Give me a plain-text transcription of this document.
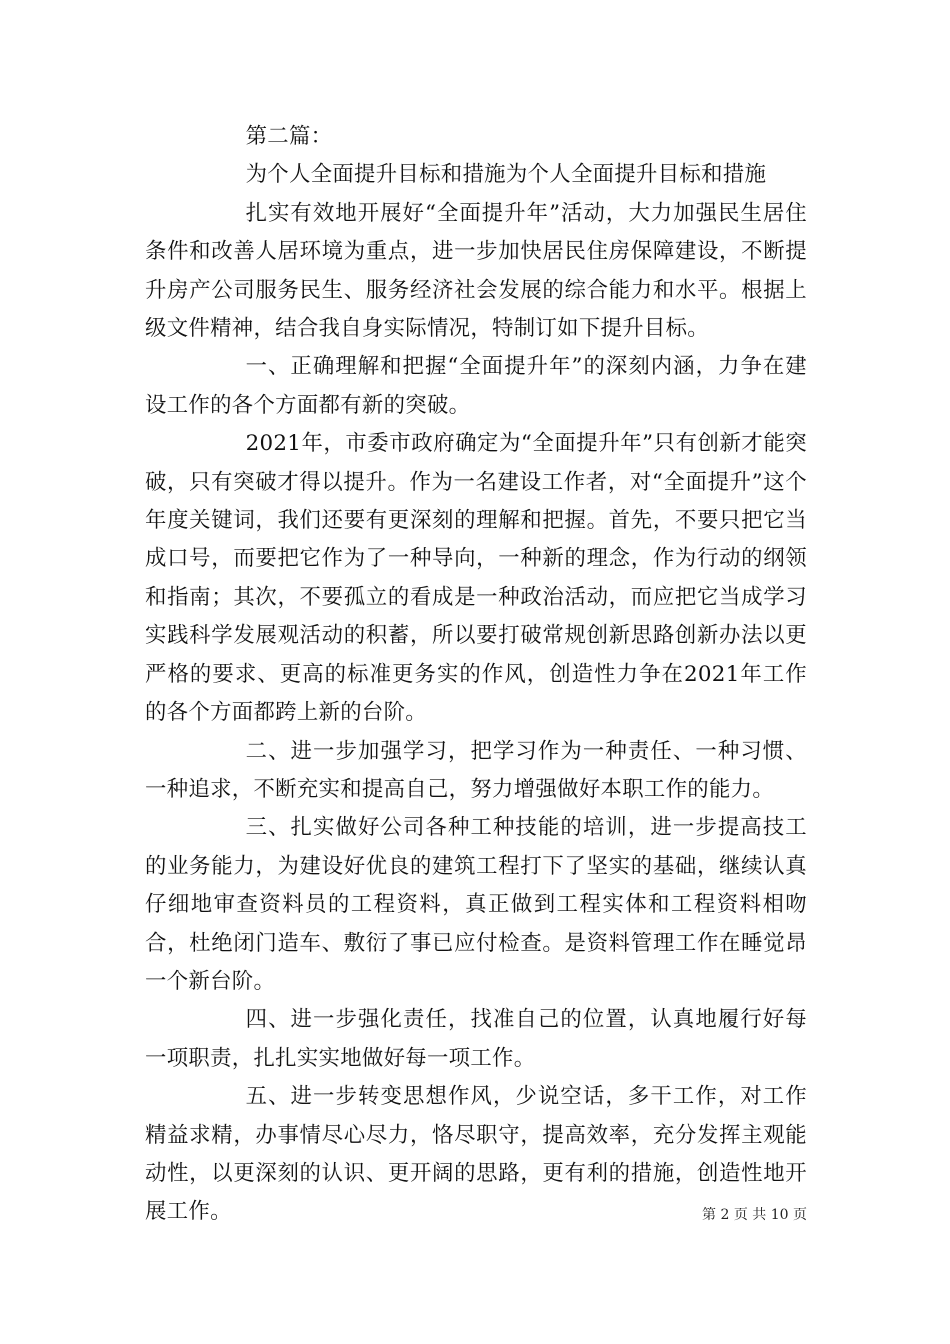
第二篇：

为个人全面提升目标和措施为个人全面提升目标和措施

扎实有效地开展好“全面提升年”活动，大力加强民生居住条件和改善人居环境为重点，进一步加快居民住房保障建设，不断提升房产公司服务民生、服务经济社会发展的综合能力和水平。根据上级文件精神，结合我自身实际情况，特制订如下提升目标。

一、正确理解和把握“全面提升年”的深刻内涵，力争在建设工作的各个方面都有新的突破。

2021年，市委市政府确定为“全面提升年”只有创新才能突破，只有突破才得以提升。作为一名建设工作者，对“全面提升”这个年度关键词，我们还要有更深刻的理解和把握。首先，不要只把它当成口号，而要把它作为了一种导向，一种新的理念，作为行动的纲领和指南；其次，不要孤立的看成是一种政治活动，而应把它当成学习实践科学发展观活动的积蓄，所以要打破常规创新思路创新办法以更严格的要求、更高的标准更务实的作风，创造性力争在2021年工作的各个方面都跨上新的台阶。

二、进一步加强学习，把学习作为一种责任、一种习惯、一种追求，不断充实和提高自己，努力增强做好本职工作的能力。

三、扎实做好公司各种工种技能的培训，进一步提高技工的业务能力，为建设好优良的建筑工程打下了坚实的基础，继续认真仔细地审查资料员的工程资料，真正做到工程实体和工程资料相吻合，杜绝闭门造车、敷衍了事已应付检查。是资料管理工作在睡觉昂一个新台阶。

四、进一步强化责任，找准自己的位置，认真地履行好每一项职责，扎扎实实地做好每一项工作。

五、进一步转变思想作风，少说空话，多干工作，对工作精益求精，办事情尽心尽力，恪尽职守，提高效率，充分发挥主观能动性，以更深刻的认识、更开阔的思路，更有利的措施，创造性地开展工作。	第 2 页 共 10 页
